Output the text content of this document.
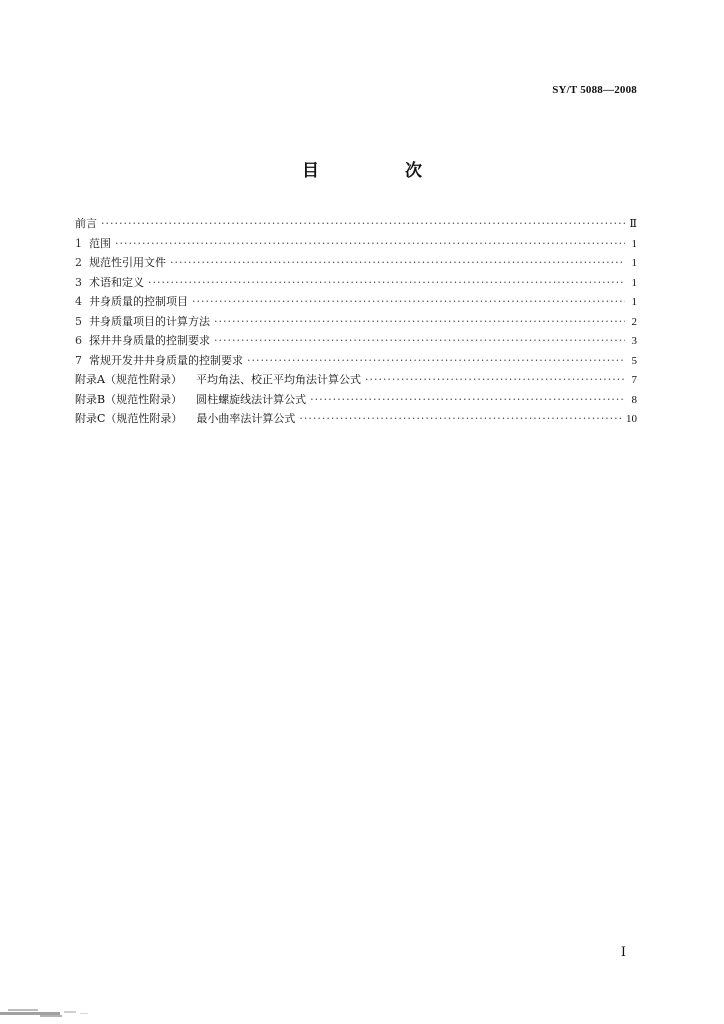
SY/T 5088—2008
目 次
前言 ·····	Ⅱ
1 范围 ·····	1
2 规范性引用文件 ·····	1
3 术语和定义 ·····	1
4 井身质量的控制项目 ·····	1
5 井身质量项目的计算方法 ·····	2
6 探井井身质量的控制要求 ·····	3
7 常规开发井井身质量的控制要求 ·····	5
附录A（规范性附录） 平均角法、校正平均角法计算公式 ·····	7
附录B（规范性附录） 圆柱螺旋线法计算公式 ·····	8
附录C（规范性附录） 最小曲率法计算公式 ·····	10
Ⅰ
